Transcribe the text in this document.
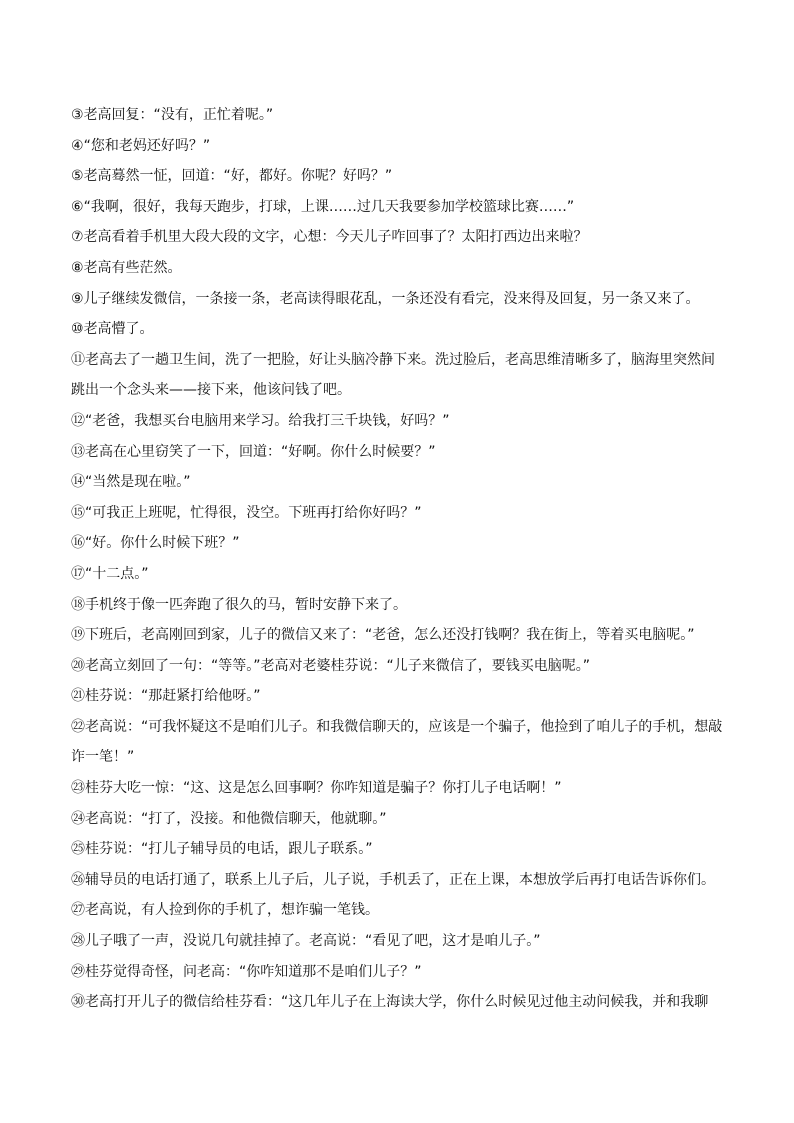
③老高回复：“没有，正忙着呢。”

④“您和老妈还好吗？”

⑤老高蓦然一怔，回道：“好，都好。你呢？好吗？”

⑥“我啊，很好，我每天跑步，打球，上课……过几天我要参加学校篮球比赛……”

⑦老高看着手机里大段大段的文字，心想：今天儿子咋回事了？太阳打西边出来啦？

⑧老高有些茫然。

⑨儿子继续发微信，一条接一条，老高读得眼花乱，一条还没有看完，没来得及回复，另一条又来了。

⑩老高懵了。

⑪老高去了一趟卫生间，洗了一把脸，好让头脑冷静下来。洗过脸后，老高思维清晰多了，脑海里突然间跳出一个念头来——接下来，他该问钱了吧。

⑫“老爸，我想买台电脑用来学习。给我打三千块钱，好吗？”

⑬老高在心里窃笑了一下，回道：“好啊。你什么时候要？”

⑭“当然是现在啦。”

⑮“可我正上班呢，忙得很，没空。下班再打给你好吗？”

⑯“好。你什么时候下班？”

⑰“十二点。”

⑱手机终于像一匹奔跑了很久的马，暂时安静下来了。

⑲下班后，老高刚回到家，儿子的微信又来了：“老爸，怎么还没打钱啊？我在街上，等着买电脑呢。”

⑳老高立刻回了一句：“等等。”老高对老婆桂芬说：“儿子来微信了，要钱买电脑呢。”

㉑桂芬说：“那赶紧打给他呀。”

㉒老高说：“可我怀疑这不是咱们儿子。和我微信聊天的，应该是一个骗子，他捡到了咱儿子的手机，想敲诈一笔！”

㉓桂芬大吃一惊：“这、这是怎么回事啊？你咋知道是骗子？你打儿子电话啊！”

㉔老高说：“打了，没接。和他微信聊天，他就聊。”

㉕桂芬说：“打儿子辅导员的电话，跟儿子联系。”

㉖辅导员的电话打通了，联系上儿子后，儿子说，手机丢了，正在上课，本想放学后再打电话告诉你们。

㉗老高说，有人捡到你的手机了，想诈骗一笔钱。

㉘儿子哦了一声，没说几句就挂掉了。老高说：“看见了吧，这才是咱儿子。”

㉙桂芬觉得奇怪，问老高：“你咋知道那不是咱们儿子？”

㉚老高打开儿子的微信给桂芬看：“这几年儿子在上海读大学，你什么时候见过他主动问候我，并和我聊
